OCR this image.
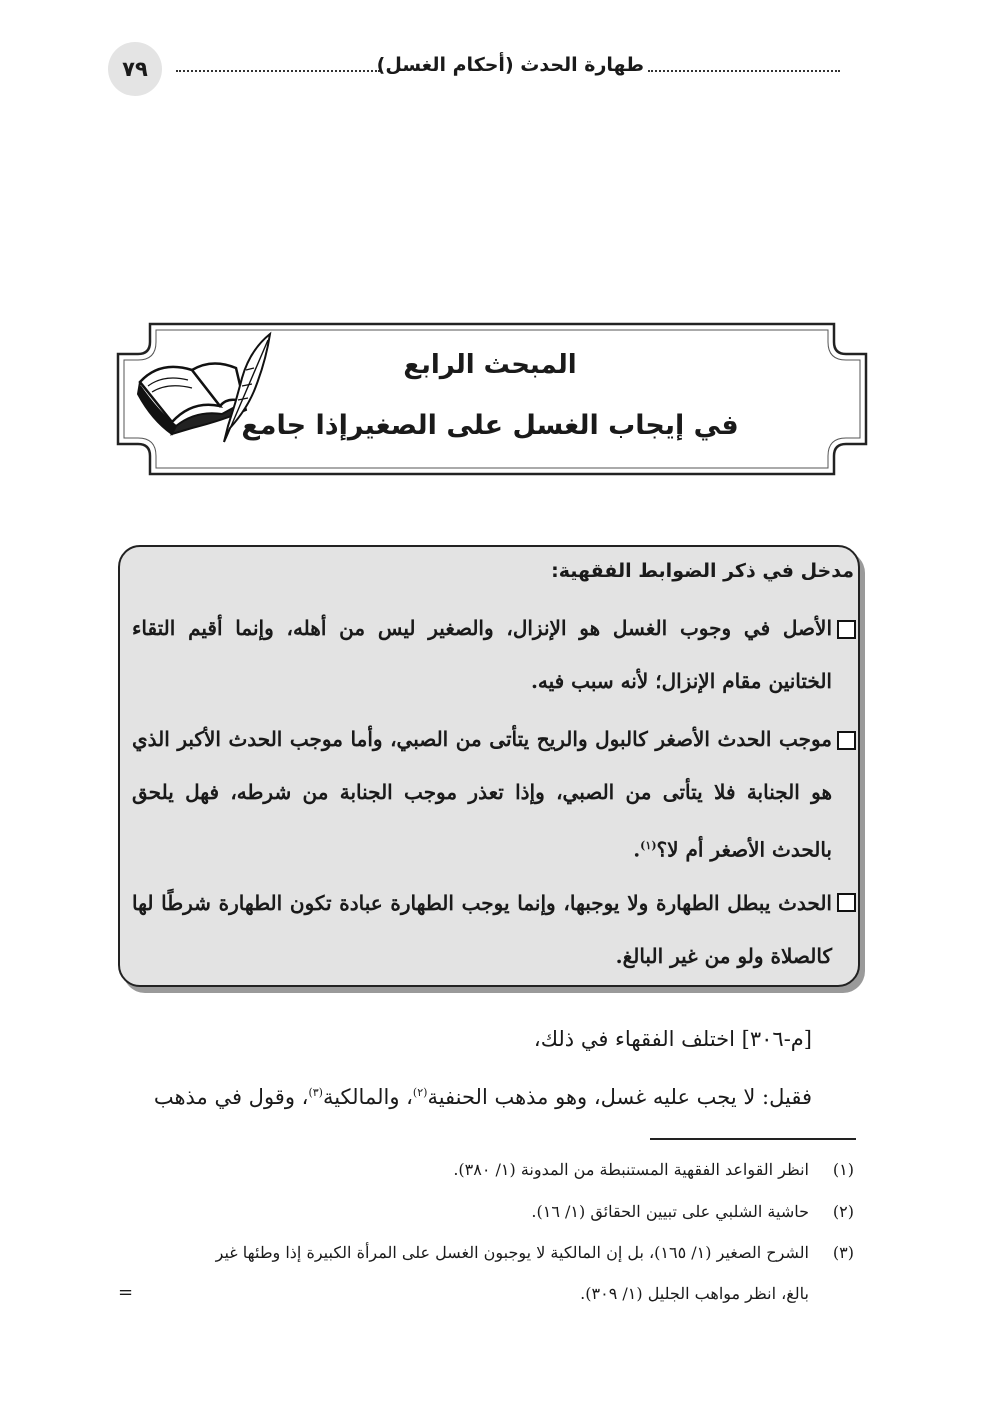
٧٩	طهارة الحدث (أحكام الغسل)
المبحث الرابع
في إيجاب الغسل على الصغيرإذا جامع
مدخل في ذكر الضوابط الفقهية:
الأصل في وجوب الغسل هو الإنزال، والصغير ليس من أهله، وإنما أقيم التقاء الختانين مقام الإنزال؛ لأنه سبب فيه.
موجب الحدث الأصغر كالبول والريح يتأتى من الصبي، وأما موجب الحدث الأكبر الذي هو الجنابة فلا يتأتى من الصبي، وإذا تعذر موجب الجنابة من شرطه، فهل يلحق بالحدث الأصغر أم لا؟$^{(١)}$.
الحدث يبطل الطهارة ولا يوجبها، وإنما يوجب الطهارة عبادة تكون الطهارة شرطًا لها كالصلاة ولو من غير البالغ.
[م-٣٠٦] اختلف الفقهاء في ذلك،
فقيل: لا يجب عليه غسل، وهو مذهب الحنفية$^{(٢)}$، والمالكية$^{(٣)}$، وقول في مذهب
(١)
انظر القواعد الفقهية المستنبطة من المدونة (١/ ٣٨٠).
(٢)
حاشية الشلبي على تبيين الحقائق (١/ ١٦).
(٣)
الشرح الصغير (١/ ١٦٥)، بل إن المالكية لا يوجبون الغسل على المرأة الكبيرة إذا وطئها غير
بالغ، انظر مواهب الجليل (١/ ٣٠٩).
=
